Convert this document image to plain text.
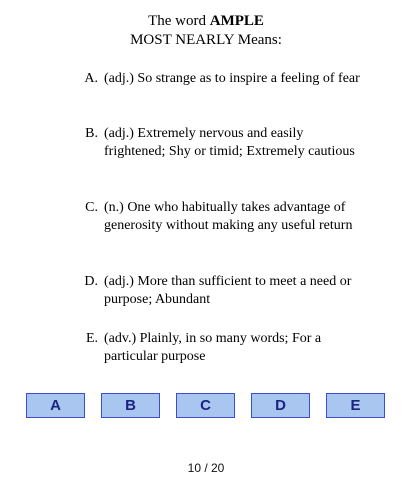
The word AMPLE
MOST NEARLY Means:
A. (adj.) So strange as to inspire a feeling of fear
B. (adj.) Extremely nervous and easily frightened; Shy or timid; Extremely cautious
C. (n.) One who habitually takes advantage of generosity without making any useful return
D. (adj.) More than sufficient to meet a need or purpose; Abundant
E. (adv.) Plainly, in so many words; For a particular purpose
A	B	C	D	E
10 / 20
